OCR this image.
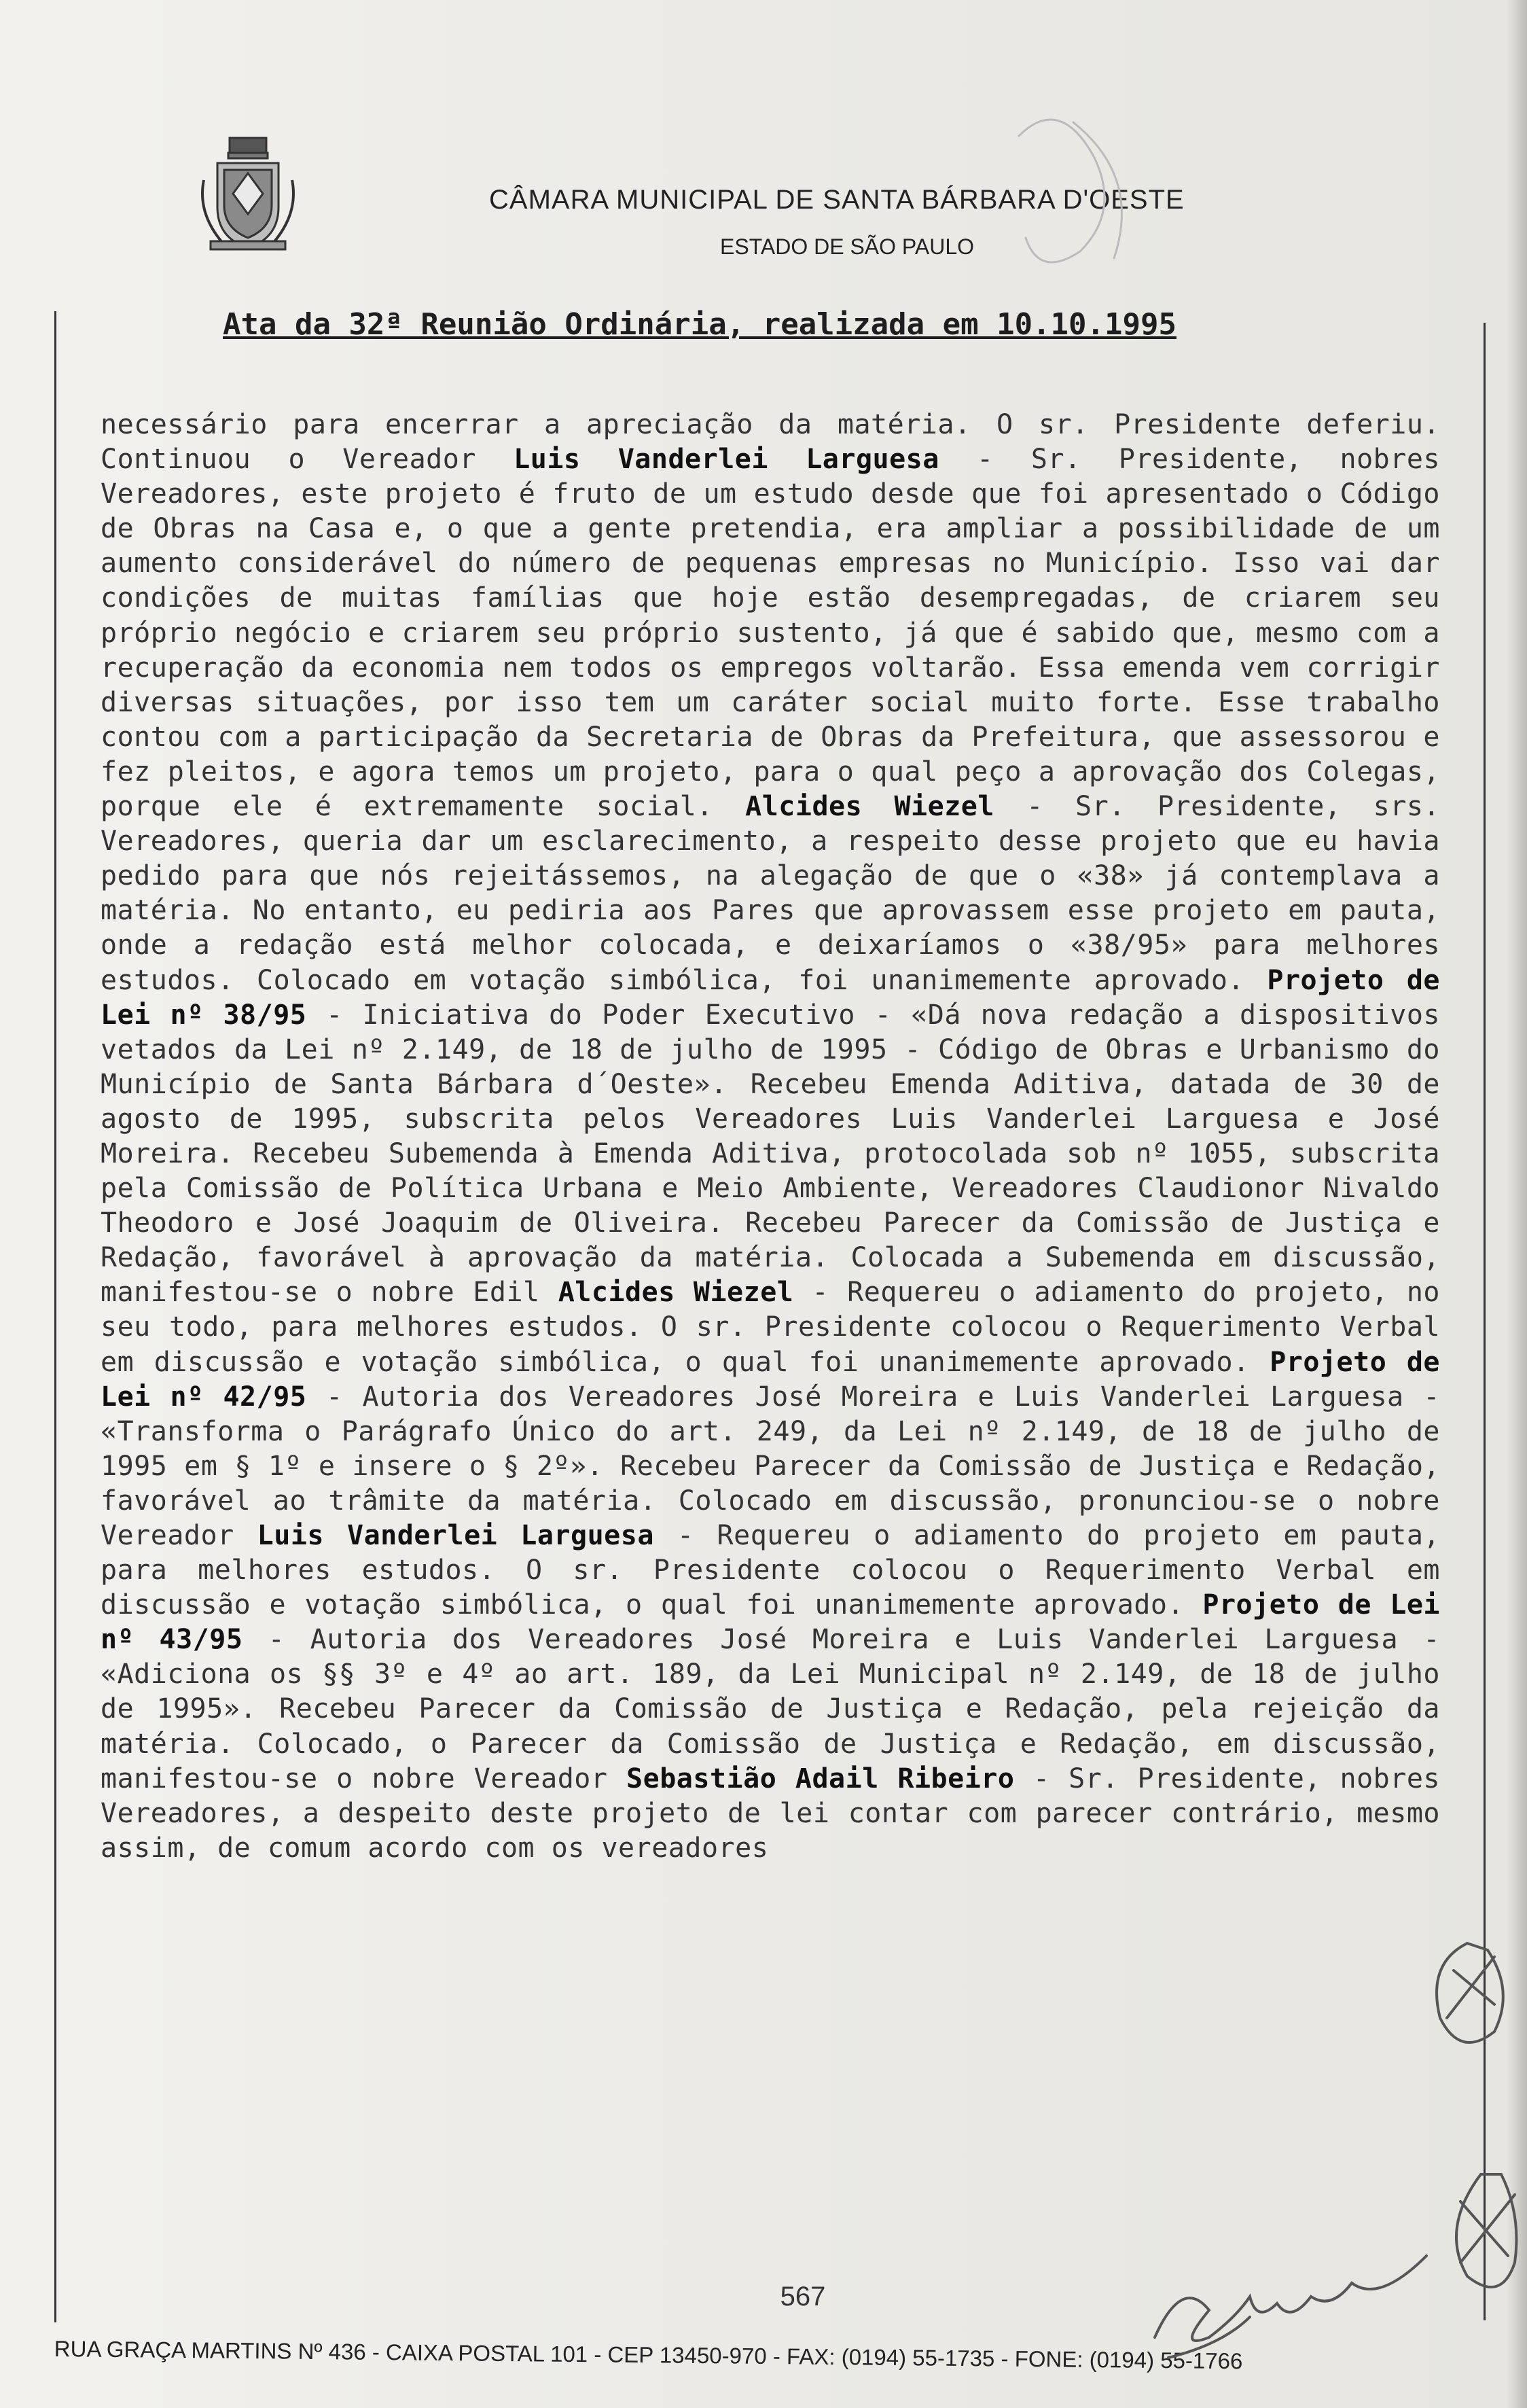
CÂMARA MUNICIPAL DE SANTA BÁRBARA D'OESTE
ESTADO DE SÃO PAULO
Ata da 32ª Reunião Ordinária, realizada em 10.10.1995

necessário para encerrar a apreciação da matéria. O sr. Presidente deferiu. Continuou o Vereador Luis Vanderlei Larguesa - Sr. Presidente, nobres Vereadores, este projeto é fruto de um estudo desde que foi apresentado o Código de Obras na Casa e, o que a gente pretendia, era ampliar a possibilidade de um aumento considerável do número de pequenas empresas no Município. Isso vai dar condições de muitas famílias que hoje estão desempregadas, de criarem seu próprio negócio e criarem seu próprio sustento, já que é sabido que, mesmo com a recuperação da economia nem todos os empregos voltarão. Essa emenda vem corrigir diversas situações, por isso tem um caráter social muito forte. Esse trabalho contou com a participação da Secretaria de Obras da Prefeitura, que assessorou e fez pleitos, e agora temos um projeto, para o qual peço a aprovação dos Colegas, porque ele é extremamente social. Alcides Wiezel - Sr. Presidente, srs. Vereadores, queria dar um esclarecimento, a respeito desse projeto que eu havia pedido para que nós rejeitássemos, na alegação de que o «38» já contemplava a matéria. No entanto, eu pediria aos Pares que aprovassem esse projeto em pauta, onde a redação está melhor colocada, e deixaríamos o «38/95» para melhores estudos. Colocado em votação simbólica, foi unanimemente aprovado. Projeto de Lei nº 38/95 - Iniciativa do Poder Executivo - «Dá nova redação a dispositivos vetados da Lei nº 2.149, de 18 de julho de 1995 - Código de Obras e Urbanismo do Município de Santa Bárbara d´Oeste». Recebeu Emenda Aditiva, datada de 30 de agosto de 1995, subscrita pelos Vereadores Luis Vanderlei Larguesa e José Moreira. Recebeu Subemenda à Emenda Aditiva, protocolada sob nº 1055, subscrita pela Comissão de Política Urbana e Meio Ambiente, Vereadores Claudionor Nivaldo Theodoro e José Joaquim de Oliveira. Recebeu Parecer da Comissão de Justiça e Redação, favorável à aprovação da matéria. Colocada a Subemenda em discussão, manifestou-se o nobre Edil Alcides Wiezel - Requereu o adiamento do projeto, no seu todo, para melhores estudos. O sr. Presidente colocou o Requerimento Verbal em discussão e votação simbólica, o qual foi unanimemente aprovado. Projeto de Lei nº 42/95 - Autoria dos Vereadores José Moreira e Luis Vanderlei Larguesa - «Transforma o Parágrafo Único do art. 249, da Lei nº 2.149, de 18 de julho de 1995 em § 1º e insere o § 2º». Recebeu Parecer da Comissão de Justiça e Redação, favorável ao trâmite da matéria. Colocado em discussão, pronunciou-se o nobre Vereador Luis Vanderlei Larguesa - Requereu o adiamento do projeto em pauta, para melhores estudos. O sr. Presidente colocou o Requerimento Verbal em discussão e votação simbólica, o qual foi unanimemente aprovado. Projeto de Lei nº 43/95 - Autoria dos Vereadores José Moreira e Luis Vanderlei Larguesa - «Adiciona os §§ 3º e 4º ao art. 189, da Lei Municipal nº 2.149, de 18 de julho de 1995». Recebeu Parecer da Comissão de Justiça e Redação, pela rejeição da matéria. Colocado, o Parecer da Comissão de Justiça e Redação, em discussão, manifestou-se o nobre Vereador Sebastião Adail Ribeiro - Sr. Presidente, nobres Vereadores, a despeito deste projeto de lei contar com parecer contrário, mesmo assim, de comum acordo com os vereadores

567
RUA GRAÇA MARTINS Nº 436 - CAIXA POSTAL 101 - CEP 13450-970 - FAX: (0194) 55-1735 - FONE: (0194) 55-1766
